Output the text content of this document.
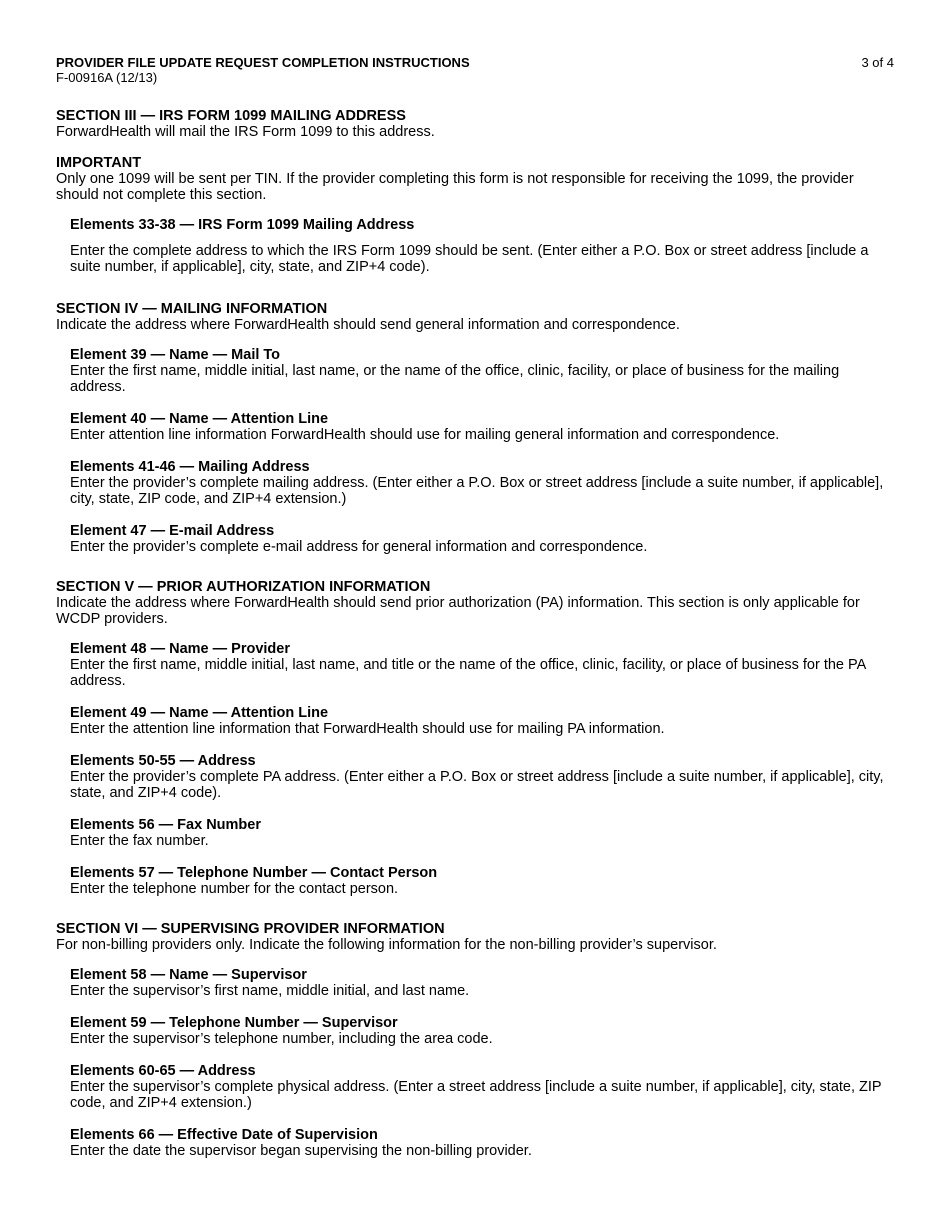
PROVIDER FILE UPDATE REQUEST COMPLETION INSTRUCTIONS
F-00916A (12/13)
3 of 4
SECTION III — IRS FORM 1099 MAILING ADDRESS

ForwardHealth will mail the IRS Form 1099 to this address.

IMPORTANT

Only one 1099 will be sent per TIN. If the provider completing this form is not responsible for receiving the 1099, the provider should not complete this section.

Elements 33-38 — IRS Form 1099 Mailing Address

Enter the complete address to which the IRS Form 1099 should be sent. (Enter either a P.O. Box or street address [include a suite number, if applicable], city, state, and ZIP+4 code).

SECTION IV — MAILING INFORMATION

Indicate the address where ForwardHealth should send general information and correspondence.

Element 39 — Name — Mail To

Enter the first name, middle initial, last name, or the name of the office, clinic, facility, or place of business for the mailing address.

Element 40 — Name — Attention Line

Enter attention line information ForwardHealth should use for mailing general information and correspondence.

Elements 41-46 — Mailing Address

Enter the provider’s complete mailing address. (Enter either a P.O. Box or street address [include a suite number, if applicable], city, state, ZIP code, and ZIP+4 extension.)

Element 47 — E-mail Address

Enter the provider’s complete e-mail address for general information and correspondence.

SECTION V — PRIOR AUTHORIZATION INFORMATION

Indicate the address where ForwardHealth should send prior authorization (PA) information. This section is only applicable for WCDP providers.

Element 48 — Name — Provider

Enter the first name, middle initial, last name, and title or the name of the office, clinic, facility, or place of business for the PA address.

Element 49 — Name — Attention Line

Enter the attention line information that ForwardHealth should use for mailing PA information.

Elements 50-55 — Address

Enter the provider’s complete PA address. (Enter either a P.O. Box or street address [include a suite number, if applicable], city, state, and ZIP+4 code).

Elements 56 — Fax Number

Enter the fax number.

Elements 57 — Telephone Number — Contact Person

Enter the telephone number for the contact person.

SECTION VI — SUPERVISING PROVIDER INFORMATION

For non-billing providers only. Indicate the following information for the non-billing provider’s supervisor.

Element 58 — Name — Supervisor

Enter the supervisor’s first name, middle initial, and last name.

Element 59 — Telephone Number — Supervisor

Enter the supervisor’s telephone number, including the area code.

Elements 60-65 — Address

Enter the supervisor’s complete physical address. (Enter a street address [include a suite number, if applicable], city, state, ZIP code, and ZIP+4 extension.)

Elements 66 — Effective Date of Supervision

Enter the date the supervisor began supervising the non-billing provider.
